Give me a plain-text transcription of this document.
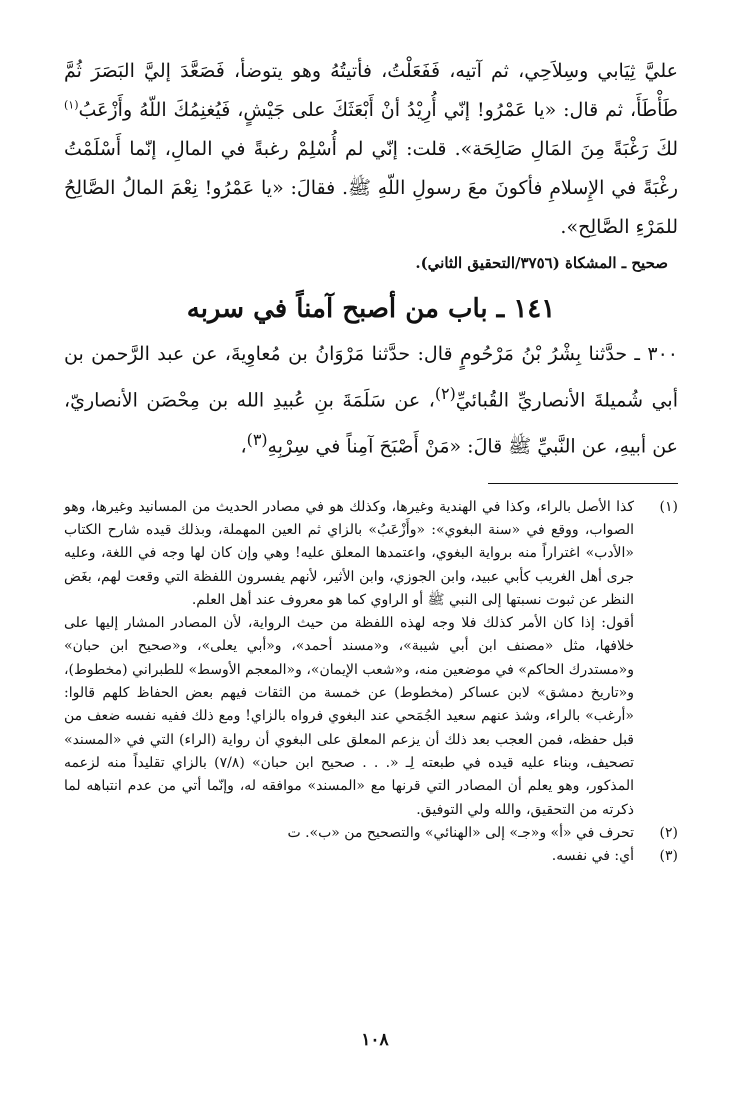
عليَّ ثِيَابي وسِلاَحِي، ثم آتيه، فَفَعَلْتُ، فأتيتُهُ وهو يتوضأ، فَصَعَّدَ إليَّ البَصَرَ ثُمَّ طَأْطَأَ، ثم قال: «يا عَمْرُو! إنّي أُرِيْدُ أنْ أَبْعَثَكَ على جَيْشٍ، فَيُغنِمُكَ اللّهُ وأَزْعَبُ$^{(١)}$ لكَ رَغْبَةً مِنَ المَالِ صَالِحَة». قلت: إنّي لم أُسْلِمْ رغبةً في المالِ، إنّما أَسْلَمْتُ رغْبَةً في الإِسلامِ فأكونَ معَ رسولِ اللّهِ ﷺ. فقالَ: «يا عَمْرُو! نِعْمَ المالُ الصَّالِحُ للمَرْءِ الصَّالِح».

صحيح ـ المشكاة (٣٧٥٦/التحقيق الثاني).
١٤١ ـ باب من أصبح آمناً في سربه

٣٠٠ ـ حدَّثنا بِشْرُ بْنُ مَرْحُومٍ قال: حدَّثنا مَرْوَانُ بن مُعاوِيةَ، عن عبد الرَّحمن بن أبي شُميلةَ الأنصاريِّ القُبائيِّ$^{(٢)}$، عن سَلَمَةَ بنِ عُبيدِ الله بن مِحْصَن الأنصاريّ، عن أبيهِ، عن النَّبيِّ ﷺ قالَ: «مَنْ أَصْبَحَ آمِناً في سِرْبِهِ$^{(٣)}$،

(١)

كذا الأصل بالراء، وكذا في الهندية وغيرها، وكذلك هو في مصادر الحديث من المسانيد وغيرها، وهو الصواب، ووقع في «سنة البغوي»: «وأَزْعَبُ» بالزاي ثم العين المهملة، وبذلك قيده شارح الكتاب «الأدب» اغتراراً منه برواية البغوي، واعتمدها المعلق عليه! وهي وإن كان لها وجه في اللغة، وعليه جرى أهل الغريب كأبي عبيد، وابن الجوزي، وابن الأثير، لأنهم يفسرون اللفظة التي وقعت لهم، بغَض النظر عن ثبوت نسبتها إلى النبي ﷺ أو الراوي كما هو معروف عند أهل العلم.

أقول: إذا كان الأمر كذلك فلا وجه لهذه اللفظة من حيث الرواية، لأن المصادر المشار إليها على خلافها، مثل «مصنف ابن أبي شيبة»، و«مسند أحمد»، و«أبي يعلى»، و«صحيح ابن حبان» و«مستدرك الحاكم» في موضعين منه، و«شعب الإيمان»، و«المعجم الأوسط» للطبراني (مخطوط)، و«تاريخ دمشق» لابن عساكر (مخطوط) عن خمسة من الثقات فيهم بعض الحفاظ كلهم قالوا: «أرغب» بالراء، وشذ عنهم سعيد الجُمَحي عند البغوي فرواه بالزاي! ومع ذلك ففيه نفسه ضعف من قبل حفظه، فمن العجب بعد ذلك أن يزعم المعلق على البغوي أن رواية (الراء) التي في «المسند» تصحيف، وبناء عليه قيده في طبعته لِـ «. . . صحيح ابن حبان» (٧/٨) بالزاي تقليداً منه لزعمه المذكور، وهو يعلم أن المصادر التي قرنها مع «المسند» موافقه له، وإنّما أتي من عدم انتباهه لما ذكرته من التحقيق، والله ولي التوفيق.

(٢)

تحرف في «أ» و«جـ» إلى «الهنائي» والتصحيح من «ب». ت

(٣)

أي: في نفسه.

١٠٨
